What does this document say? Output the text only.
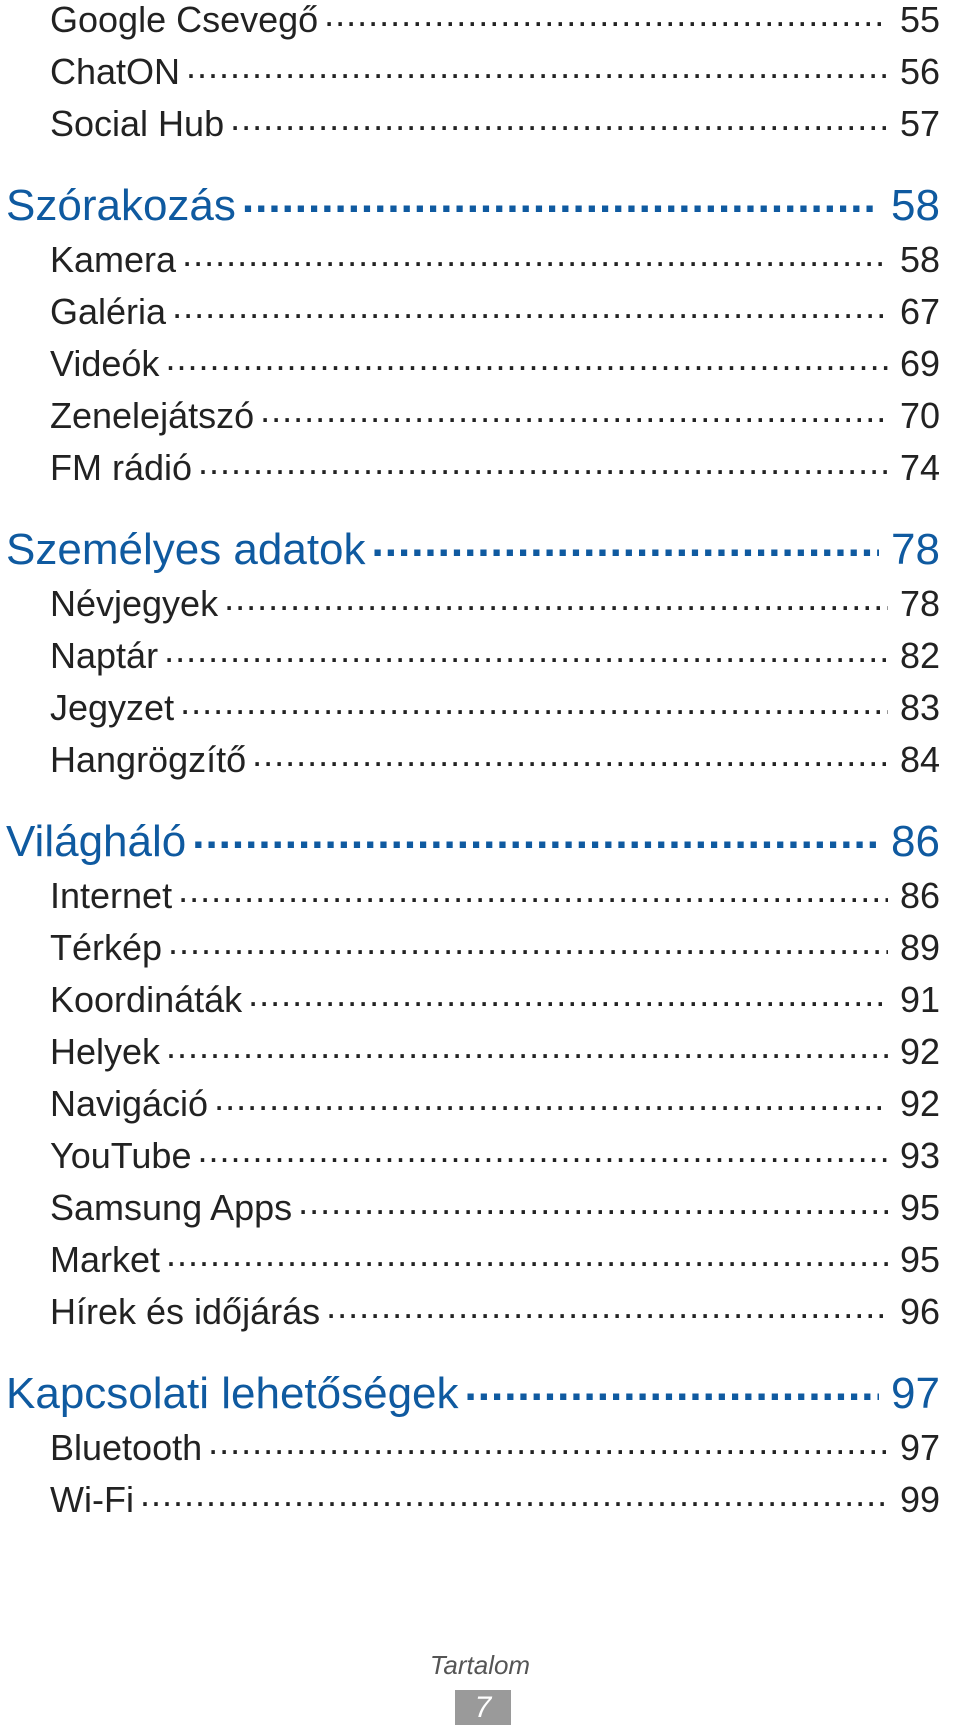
Google Csevegő .....	55
ChatON .....	56
Social Hub .....	57
Szórakozás .....	58
Kamera .....	58
Galéria .....	67
Videók .....	69
Zenelejátszó .....	70
FM rádió .....	74
Személyes adatok .....	78
Névjegyek .....	78
Naptár .....	82
Jegyzet .....	83
Hangrögzítő .....	84
Világháló .....	86
Internet .....	86
Térkép .....	89
Koordináták .....	91
Helyek .....	92
Navigáció .....	92
YouTube .....	93
Samsung Apps .....	95
Market .....	95
Hírek és időjárás .....	96
Kapcsolati lehetőségek .....	97
Bluetooth .....	97
Wi-Fi .....	99
Tartalom
7
